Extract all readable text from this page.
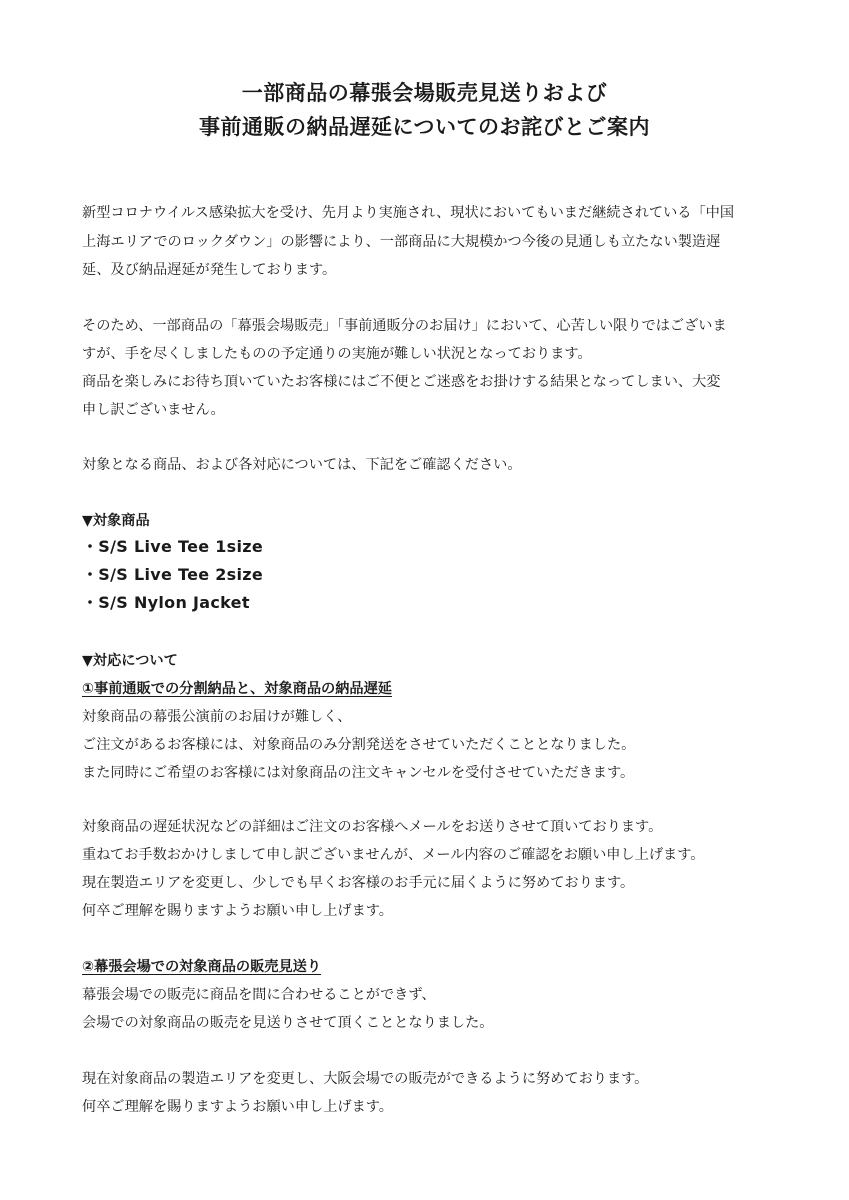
一部商品の幕張会場販売見送りおよび
事前通販の納品遅延についてのお詫びとご案内
新型コロナウイルス感染拡大を受け、先月より実施され、現状においてもいまだ継続されている「中国
上海エリアでのロックダウン」の影響により、一部商品に大規模かつ今後の見通しも立たない製造遅
延、及び納品遅延が発生しております。
そのため、一部商品の「幕張会場販売」「事前通販分のお届け」において、心苦しい限りではございま
すが、手を尽くしましたものの予定通りの実施が難しい状況となっております。
商品を楽しみにお待ち頂いていたお客様にはご不便とご迷惑をお掛けする結果となってしまい、大変
申し訳ございません。
対象となる商品、および各対応については、下記をご確認ください。
▼対象商品
・S/S Live Tee 1size
・S/S Live Tee 2size
・S/S Nylon Jacket
▼対応について
①事前通販での分割納品と、対象商品の納品遅延
対象商品の幕張公演前のお届けが難しく、
ご注文があるお客様には、対象商品のみ分割発送をさせていただくこととなりました。
また同時にご希望のお客様には対象商品の注文キャンセルを受付させていただきます。
対象商品の遅延状況などの詳細はご注文のお客様へメールをお送りさせて頂いております。
重ねてお手数おかけしまして申し訳ございませんが、メール内容のご確認をお願い申し上げます。
現在製造エリアを変更し、少しでも早くお客様のお手元に届くように努めております。
何卒ご理解を賜りますようお願い申し上げます。
②幕張会場での対象商品の販売見送り
幕張会場での販売に商品を間に合わせることができず、
会場での対象商品の販売を見送りさせて頂くこととなりました。
現在対象商品の製造エリアを変更し、大阪会場での販売ができるように努めております。
何卒ご理解を賜りますようお願い申し上げます。
